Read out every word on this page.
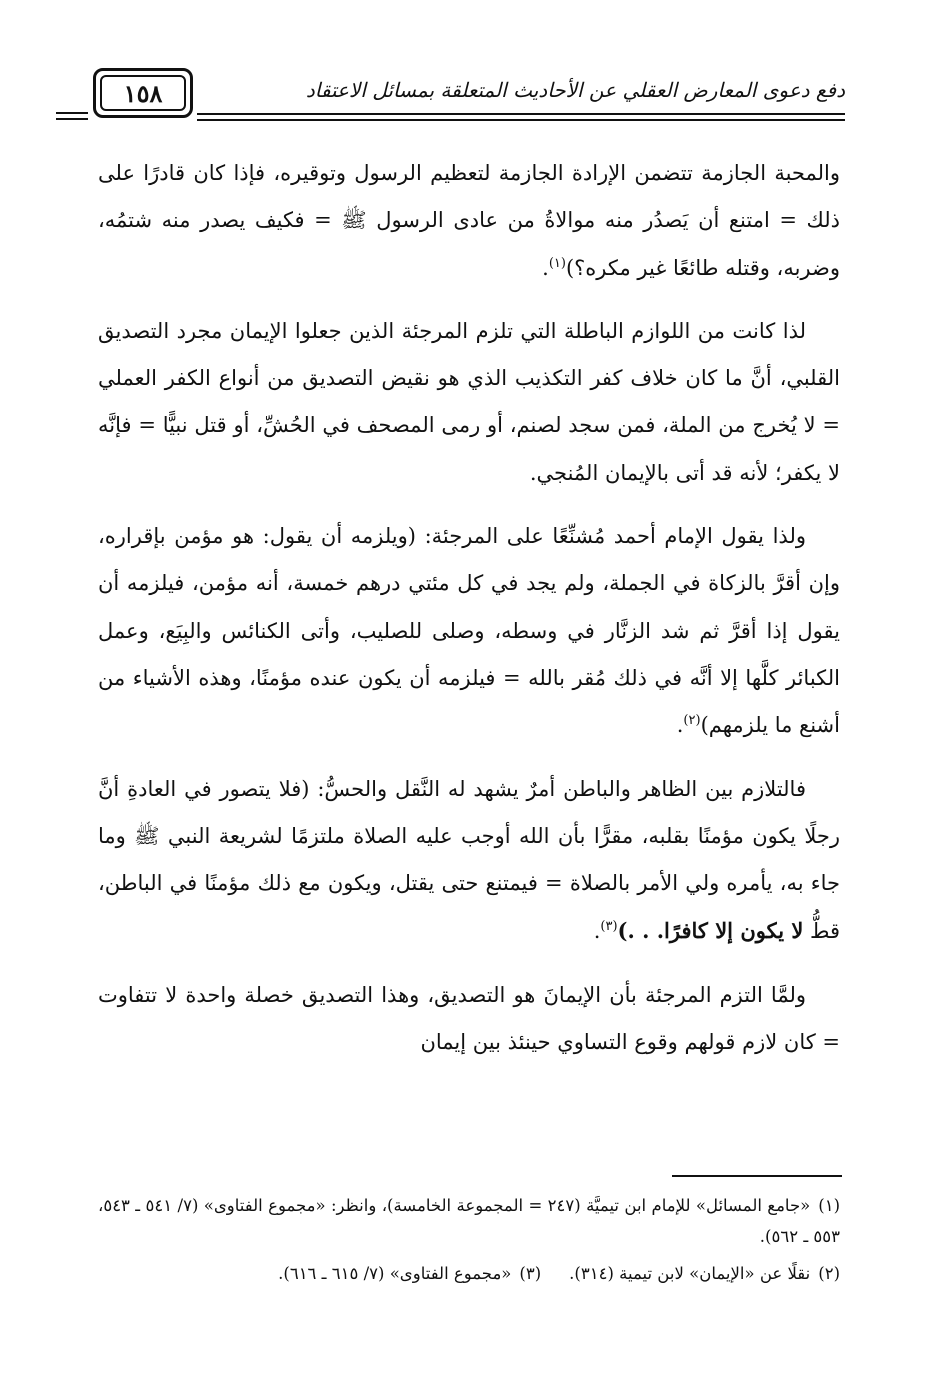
دفع دعوى المعارض العقلي عن الأحاديث المتعلقة بمسائل الاعتقاد
١٥٨

والمحبة الجازمة تتضمن الإرادة الجازمة لتعظيم الرسول وتوقيره، فإذا كان قادرًا على ذلك = امتنع أن يَصدُر منه موالاةُ من عادى الرسول ﷺ = فكيف يصدر منه شتمُه، وضربه، وقتله طائعًا غير مكره؟)$^{(١)}$.

لذا كانت من اللوازم الباطلة التي تلزم المرجئة الذين جعلوا الإيمان مجرد التصديق القلبي، أنَّ ما كان خلاف كفر التكذيب الذي هو نقيض التصديق من أنواع الكفر العملي = لا يُخرج من الملة، فمن سجد لصنم، أو رمى المصحف في الحُشِّ، أو قتل نبيًّا = فإنَّه لا يكفر؛ لأنه قد أتى بالإيمان المُنجي.

ولذا يقول الإمام أحمد مُشنِّعًا على المرجئة: (ويلزمه أن يقول: هو مؤمن بإقراره، وإن أقرَّ بالزكاة في الجملة، ولم يجد في كل مئتي درهم خمسة، أنه مؤمن، فيلزمه أن يقول إذا أقرَّ ثم شد الزنَّار في وسطه، وصلى للصليب، وأتى الكنائس والبِيَع، وعمل الكبائر كلَّها إلا أنَّه في ذلك مُقر بالله = فيلزمه أن يكون عنده مؤمنًا، وهذه الأشياء من أشنع ما يلزمهم)$^{(٢)}$.

فالتلازم بين الظاهر والباطن أمرٌ يشهد له النَّقل والحسُّ: (فلا يتصور في العادةِ أنَّ رجلًا يكون مؤمنًا بقلبه، مقرًّا بأن الله أوجب عليه الصلاة ملتزمًا لشريعة النبي ﷺ وما جاء به، يأمره ولي الأمر بالصلاة = فيمتنع حتى يقتل، ويكون مع ذلك مؤمنًا في الباطن، قطُّ لا يكون إلا كافرًا. . .)$^{(٣)}$.

ولمَّا التزم المرجئة بأن الإيمانَ هو التصديق، وهذا التصديق خصلة واحدة لا تتفاوت = كان لازم قولهم وقوع التساوي حينئذ بين إيمان

(١)«جامع المسائل» للإمام ابن تيميَّة (٢٤٧ = المجموعة الخامسة)، وانظر: «مجموع الفتاوى» (٧/ ٥٤١ ـ ٥٤٣، ٥٥٣ ـ ٥٦٢).
(٢)نقلًا عن «الإيمان» لابن تيمية (٣١٤).
(٣)«مجموع الفتاوى» (٧/ ٦١٥ ـ ٦١٦).
